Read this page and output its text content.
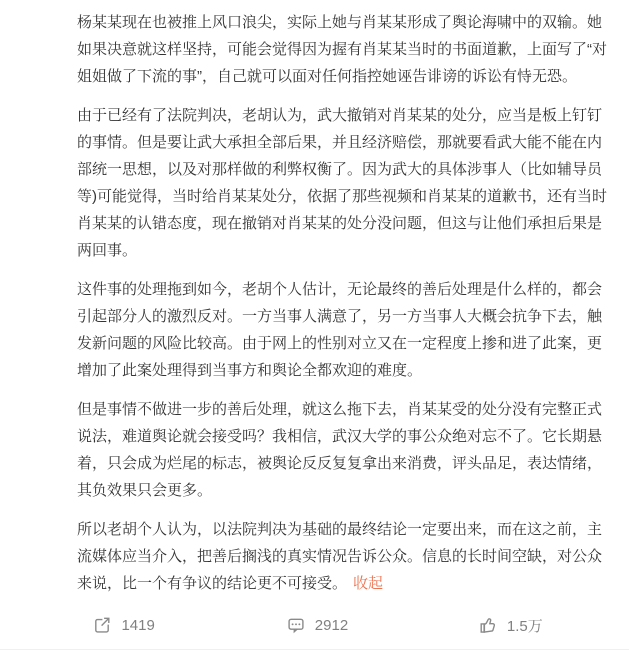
杨某某现在也被推上风口浪尖，实际上她与肖某某形成了舆论海啸中的双输。她如果决意就这样坚持，可能会觉得因为握有肖某某当时的书面道歉，上面写了“对姐姐做了下流的事”，自己就可以面对任何指控她诬告诽谤的诉讼有恃无恐。

由于已经有了法院判决，老胡认为，武大撤销对肖某某的处分，应当是板上钉钉的事情。但是要让武大承担全部后果，并且经济赔偿，那就要看武大能不能在内部统一思想，以及对那样做的利弊权衡了。因为武大的具体涉事人（比如辅导员等)可能觉得，当时给肖某某处分，依据了那些视频和肖某某的道歉书，还有当时肖某某的认错态度，现在撤销对肖某某的处分没问题，但这与让他们承担后果是两回事。

这件事的处理拖到如今，老胡个人估计，无论最终的善后处理是什么样的，都会引起部分人的激烈反对。一方当事人满意了，另一方当事人大概会抗争下去，触发新问题的风险比较高。由于网上的性别对立又在一定程度上掺和进了此案，更增加了此案处理得到当事方和舆论全都欢迎的难度。

但是事情不做进一步的善后处理，就这么拖下去，肖某某受的处分没有完整正式说法，难道舆论就会接受吗？我相信，武汉大学的事公众绝对忘不了。它长期悬着，只会成为烂尾的标志，被舆论反反复复拿出来消费，评头品足，表达情绪，其负效果只会更多。

所以老胡个人认为，以法院判决为基础的最终结论一定要出来，而在这之前，主流媒体应当介入，把善后搁浅的真实情况告诉公众。信息的长时间空缺，对公众来说，比一个有争议的结论更不可接受。 收起

1419	2912	1.5万
